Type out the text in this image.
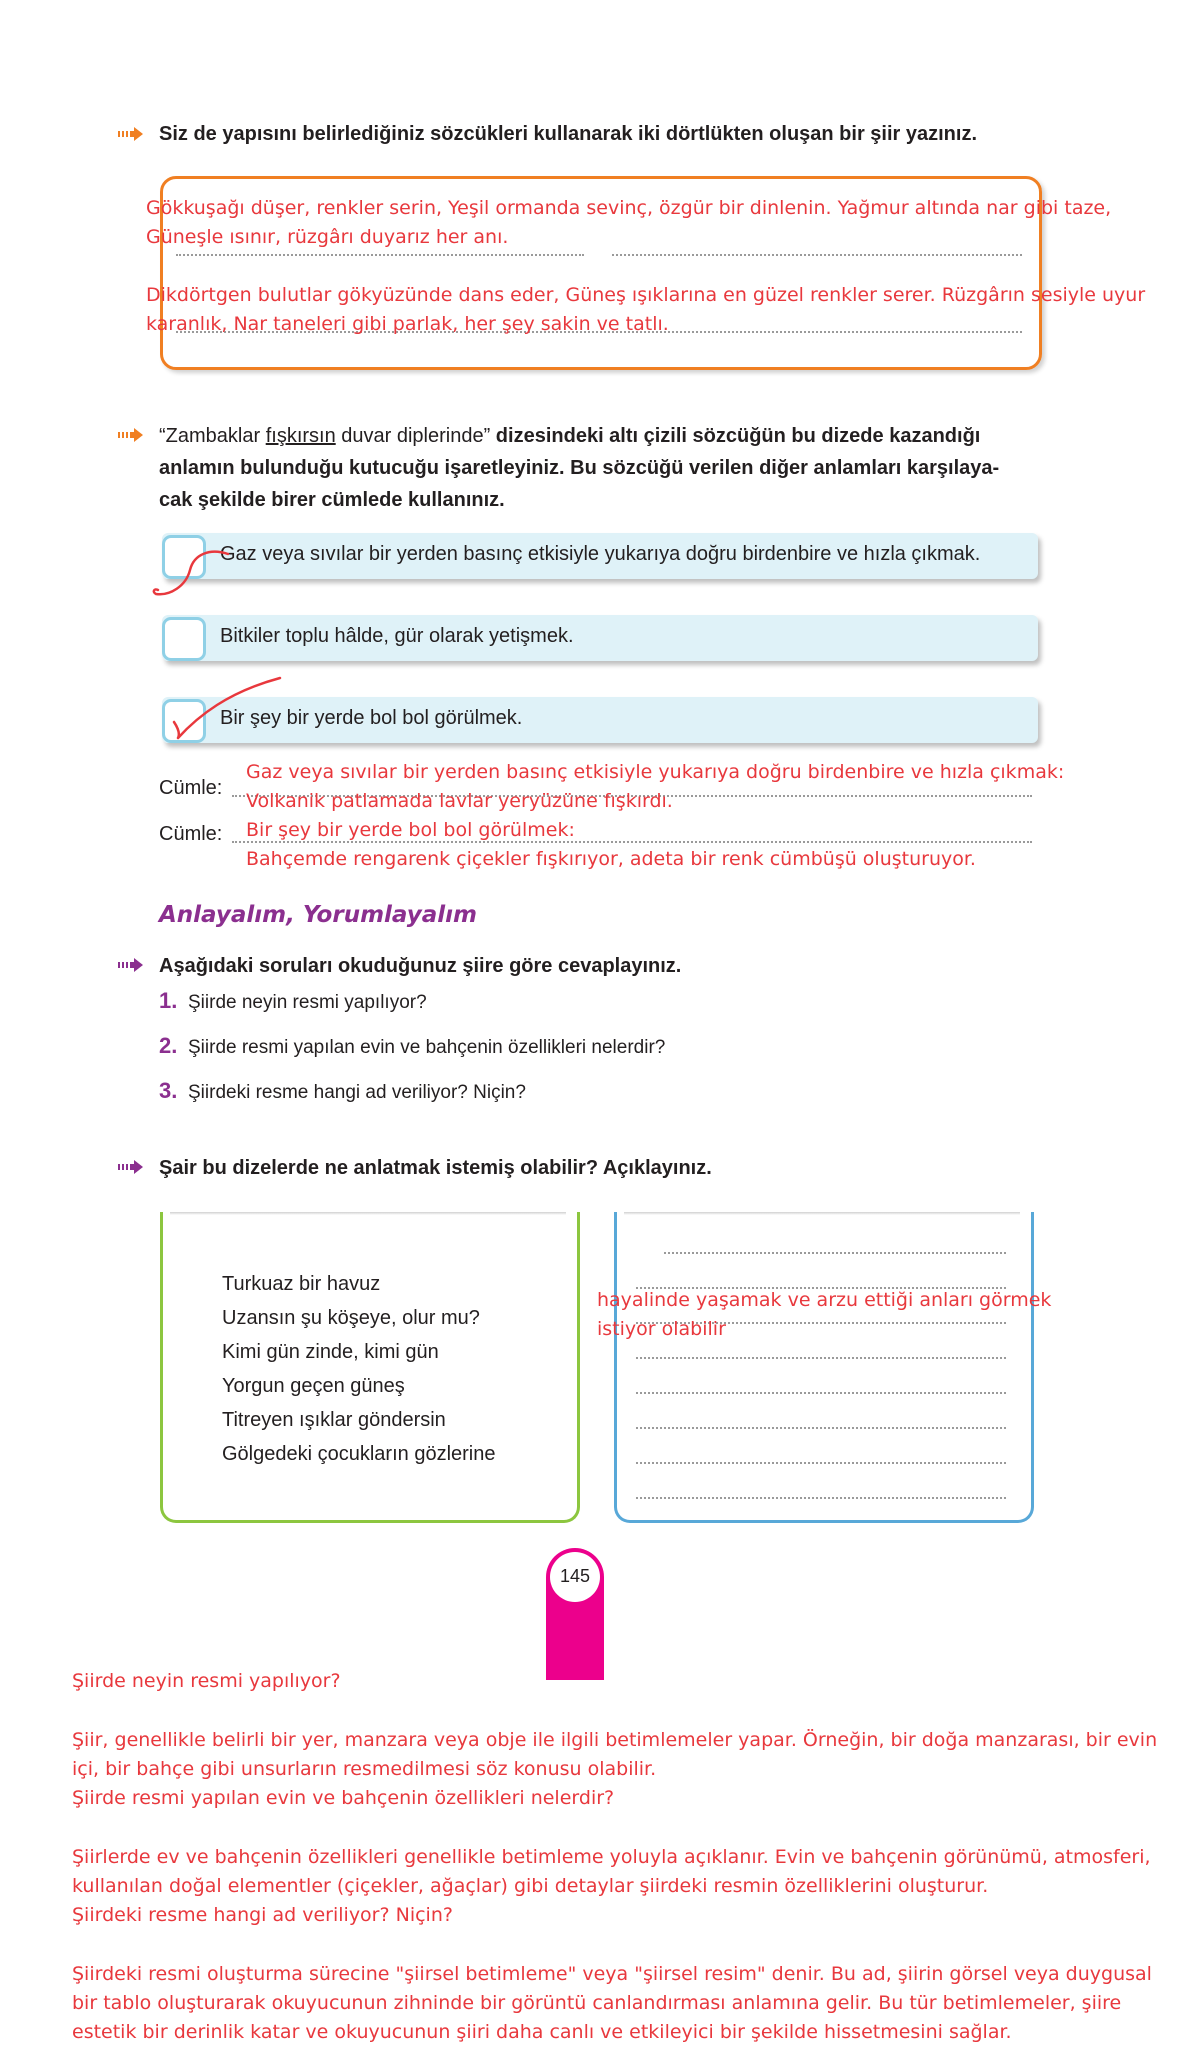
Siz de yapısını belirlediğiniz sözcükleri kullanarak iki dörtlükten oluşan bir şiir yazınız.
Gökkuşağı düşer, renkler serin, Yeşil ormanda sevinç, özgür bir dinlenin. Yağmur altında nar gibi taze,
Güneşle ısınır, rüzgârı duyarız her anı.
Dikdörtgen bulutlar gökyüzünde dans eder, Güneş ışıklarına en güzel renkler serer. Rüzgârın sesiyle uyur
karanlık, Nar taneleri gibi parlak, her şey sakin ve tatlı.
“Zambaklar fışkırsın duvar diplerinde” dizesindeki altı çizili sözcüğün bu dizede kazandığı
anlamın bulunduğu kutucuğu işaretleyiniz. Bu sözcüğü verilen diğer anlamları karşılaya-
cak şekilde birer cümlede kullanınız.
Gaz veya sıvılar bir yerden basınç etkisiyle yukarıya doğru birdenbire ve hızla çıkmak.
Bitkiler toplu hâlde, gür olarak yetişmek.
Bir şey bir yerde bol bol görülmek.
Cümle:
Cümle:
Gaz veya sıvılar bir yerden basınç etkisiyle yukarıya doğru birdenbire ve hızla çıkmak:
Volkanik patlamada lavlar yeryüzüne fışkırdı.
Bir şey bir yerde bol bol görülmek:
Bahçemde rengarenk çiçekler fışkırıyor, adeta bir renk cümbüşü oluşturuyor.
Anlayalım, Yorumlayalım
Aşağıdaki soruları okuduğunuz şiire göre cevaplayınız.
1. Şiirde neyin resmi yapılıyor?
2. Şiirde resmi yapılan evin ve bahçenin özellikleri nelerdir?
3. Şiirdeki resme hangi ad veriliyor? Niçin?
Şair bu dizelerde ne anlatmak istemiş olabilir? Açıklayınız.
Turkuaz bir havuz
Uzansın şu köşeye, olur mu?
Kimi gün zinde, kimi gün
Yorgun geçen güneş
Titreyen ışıklar göndersin
Gölgedeki çocukların gözlerine
hayalinde yaşamak ve arzu ettiği anları görmek
istiyor olabilir
145
Şiirde neyin resmi yapılıyor?
Şiir, genellikle belirli bir yer, manzara veya obje ile ilgili betimlemeler yapar. Örneğin, bir doğa manzarası, bir evin
içi, bir bahçe gibi unsurların resmedilmesi söz konusu olabilir.
Şiirde resmi yapılan evin ve bahçenin özellikleri nelerdir?
Şiirlerde ev ve bahçenin özellikleri genellikle betimleme yoluyla açıklanır. Evin ve bahçenin görünümü, atmosferi,
kullanılan doğal elementler (çiçekler, ağaçlar) gibi detaylar şiirdeki resmin özelliklerini oluşturur.
Şiirdeki resme hangi ad veriliyor? Niçin?
Şiirdeki resmi oluşturma sürecine "şiirsel betimleme" veya "şiirsel resim" denir. Bu ad, şiirin görsel veya duygusal
bir tablo oluşturarak okuyucunun zihninde bir görüntü canlandırması anlamına gelir. Bu tür betimlemeler, şiire
estetik bir derinlik katar ve okuyucunun şiiri daha canlı ve etkileyici bir şekilde hissetmesini sağlar.
